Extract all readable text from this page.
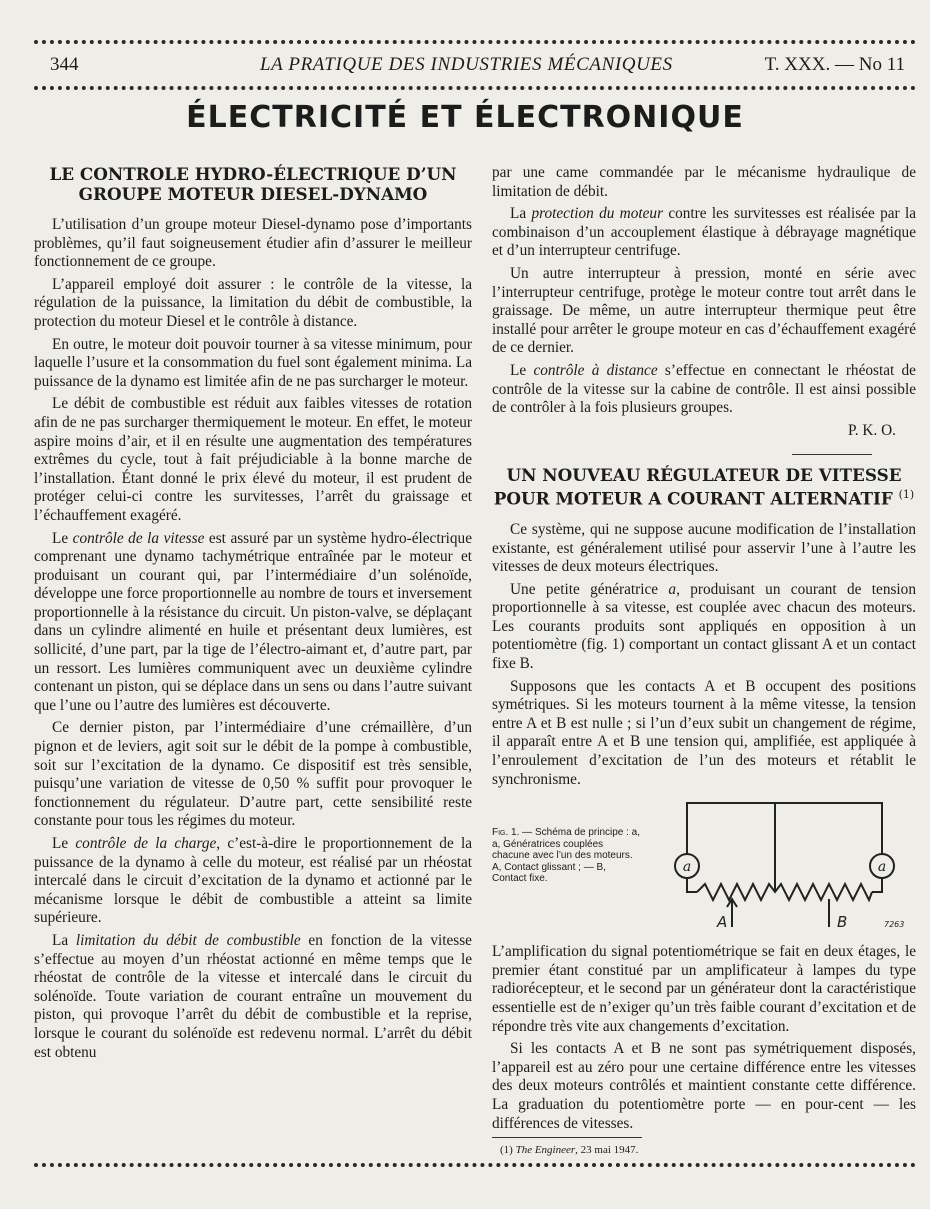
344	LA PRATIQUE DES INDUSTRIES MÉCANIQUES	T. XXX. — No 11
ÉLECTRICITÉ ET ÉLECTRONIQUE
LE CONTROLE HYDRO-ÉLECTRIQUE D’UN GROUPE MOTEUR DIESEL-DYNAMO

L’utilisation d’un groupe moteur Diesel-dynamo pose d’importants problèmes, qu’il faut soigneusement étudier afin d’assurer le meilleur fonctionnement de ce groupe.

L’appareil employé doit assurer : le contrôle de la vitesse, la régulation de la puissance, la limitation du débit de combustible, la protection du moteur Diesel et le contrôle à distance.

En outre, le moteur doit pouvoir tourner à sa vitesse minimum, pour laquelle l’usure et la consommation du fuel sont également minima. La puissance de la dynamo est limitée afin de ne pas surcharger le moteur.

Le débit de combustible est réduit aux faibles vitesses de rotation afin de ne pas surcharger thermiquement le moteur. En effet, le moteur aspire moins d’air, et il en résulte une augmentation des températures extrêmes du cycle, tout à fait préjudiciable à la bonne marche de l’installation. Étant donné le prix élevé du moteur, il est prudent de protéger celui-ci contre les survitesses, l’arrêt du graissage et l’échauffement exagéré.

Le contrôle de la vitesse est assuré par un système hydro-électrique comprenant une dynamo tachymétrique entraînée par le moteur et produisant un courant qui, par l’intermédiaire d’un solénoïde, développe une force proportionnelle au nombre de tours et inversement proportionnelle à la résistance du circuit. Un piston-valve, se déplaçant dans un cylindre alimenté en huile et présentant deux lumières, est sollicité, d’une part, par la tige de l’électro-aimant et, d’autre part, par un ressort. Les lumières communiquent avec un deuxième cylindre contenant un piston, qui se déplace dans un sens ou dans l’autre suivant que l’une ou l’autre des lumières est découverte.

Ce dernier piston, par l’intermédiaire d’une crémaillère, d’un pignon et de leviers, agit soit sur le débit de la pompe à combustible, soit sur l’excitation de la dynamo. Ce dispositif est très sensible, puisqu’une variation de vitesse de 0,50 % suffit pour provoquer le fonctionnement du régulateur. D’autre part, cette sensibilité reste constante pour tous les régimes du moteur.

Le contrôle de la charge, c’est-à-dire le proportionnement de la puissance de la dynamo à celle du moteur, est réalisé par un rhéostat intercalé dans le circuit d’excitation de la dynamo et actionné par le mécanisme lorsque le débit de combustible a atteint sa limite supérieure.

La limitation du débit de combustible en fonction de la vitesse s’effectue au moyen d’un rhéostat actionné en même temps que le rhéostat de contrôle de la vitesse et intercalé dans le circuit du solénoïde. Toute variation de courant entraîne un mouvement du piston, qui provoque l’arrêt du débit de combustible et la reprise, lorsque le courant du solénoïde est redevenu normal. L’arrêt du débit est obtenu

par une came commandée par le mécanisme hydraulique de limitation de débit.

La protection du moteur contre les survitesses est réalisée par la combinaison d’un accouplement élastique à débrayage magnétique et d’un interrupteur centrifuge.

Un autre interrupteur à pression, monté en série avec l’interrupteur centrifuge, protège le moteur contre tout arrêt dans le graissage. De même, un autre interrupteur thermique peut être installé pour arrêter le groupe moteur en cas d’échauffement exagéré de ce dernier.

Le contrôle à distance s’effectue en connectant le rhéostat de contrôle de la vitesse sur la cabine de contrôle. Il est ainsi possible de contrôler à la fois plusieurs groupes.

P. K. O.
UN NOUVEAU RÉGULATEUR DE VITESSE POUR MOTEUR A COURANT ALTERNATIF $^{(1)}$

Ce système, qui ne suppose aucune modification de l’installation existante, est généralement utilisé pour asservir l’une à l’autre les vitesses de deux moteurs électriques.

Une petite génératrice a, produisant un courant de tension proportionnelle à sa vitesse, est couplée avec chacun des moteurs. Les courants produits sont appliqués en opposition à un potentiomètre (fig. 1) comportant un contact glissant A et un contact fixe B.

Supposons que les contacts A et B occupent des positions symétriques. Si les moteurs tournent à la même vitesse, la tension entre A et B est nulle ; si l’un d’eux subit un changement de régime, il apparaît entre A et B une tension qui, amplifiée, est appliquée à l’enroulement d’excitation de l’un des moteurs et rétablit le synchronisme.

Fig. 1. — Schéma de principe : a, a, Génératrices couplées chacune avec l’un des moteurs. A, Contact glissant ; — B, Contact fixe.
a	a
A	B	7263

L’amplification du signal potentiométrique se fait en deux étages, le premier étant constitué par un amplificateur à lampes du type radiorécepteur, et le second par un générateur dont la caractéristique essentielle est de n’exiger qu’un très faible courant d’excitation et de répondre très vite aux changements d’excitation.

Si les contacts A et B ne sont pas symétriquement disposés, l’appareil est au zéro pour une certaine différence entre les vitesses des deux moteurs contrôlés et maintient constante cette différence. La graduation du potentiomètre porte — en pour-cent — les différences de vitesses.

(1) The Engineer, 23 mai 1947.
